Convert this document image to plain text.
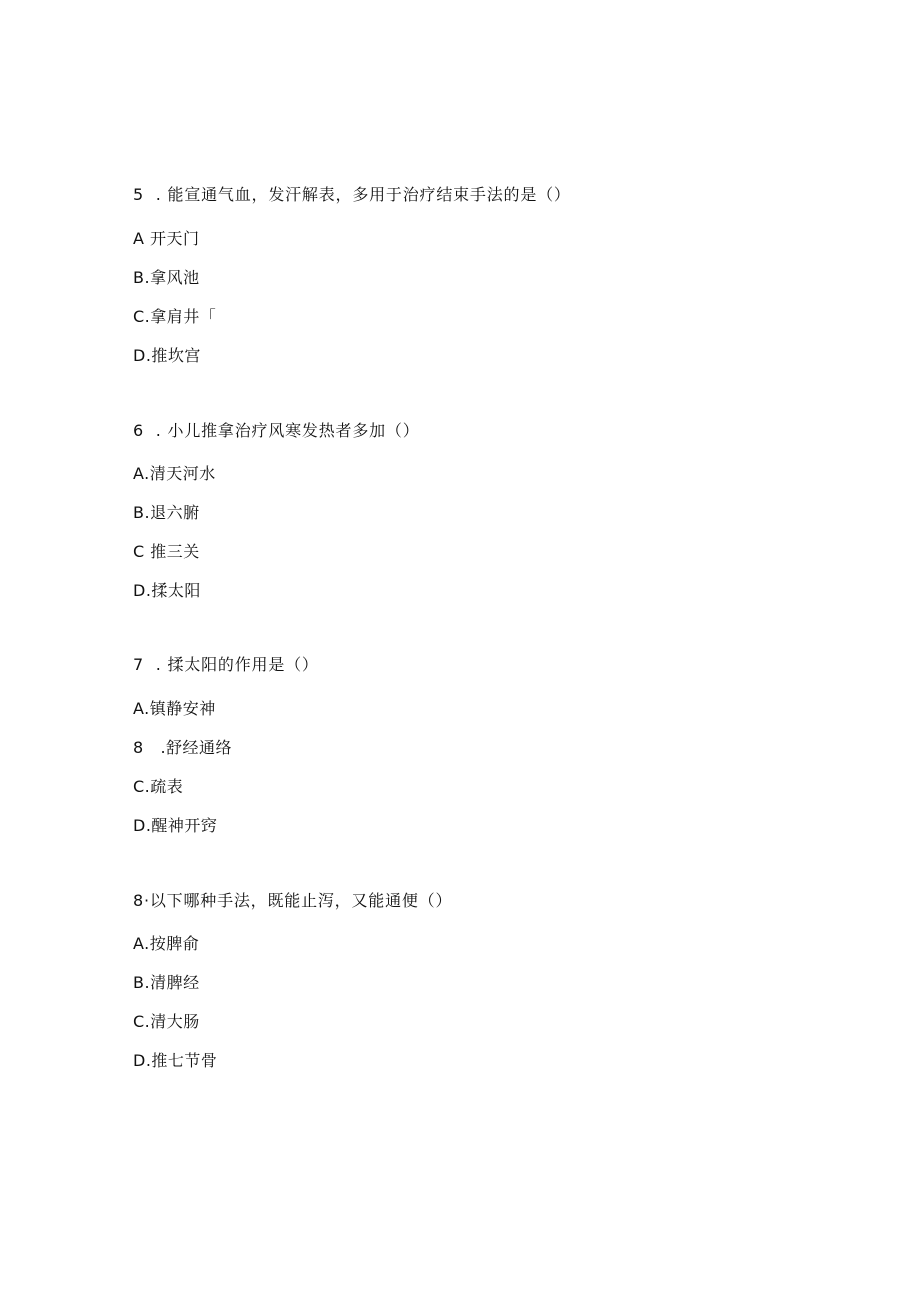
5  . 能宣通气血，发汗解表，多用于治疗结束手法的是（）
A 开天门
B.拿风池
C.拿肩井「
D.推坎宫
6  . 小儿推拿治疗风寒发热者多加（）
A.清天河水
B.退六腑
C 推三关
D.揉太阳
7  . 揉太阳的作用是（）
A.镇静安神
8   .舒经通络
C.疏表
D.醒神开窍
8·以下哪种手法，既能止泻，又能通便（）
A.按脾俞
B.清脾经
C.清大肠
D.推七节骨
